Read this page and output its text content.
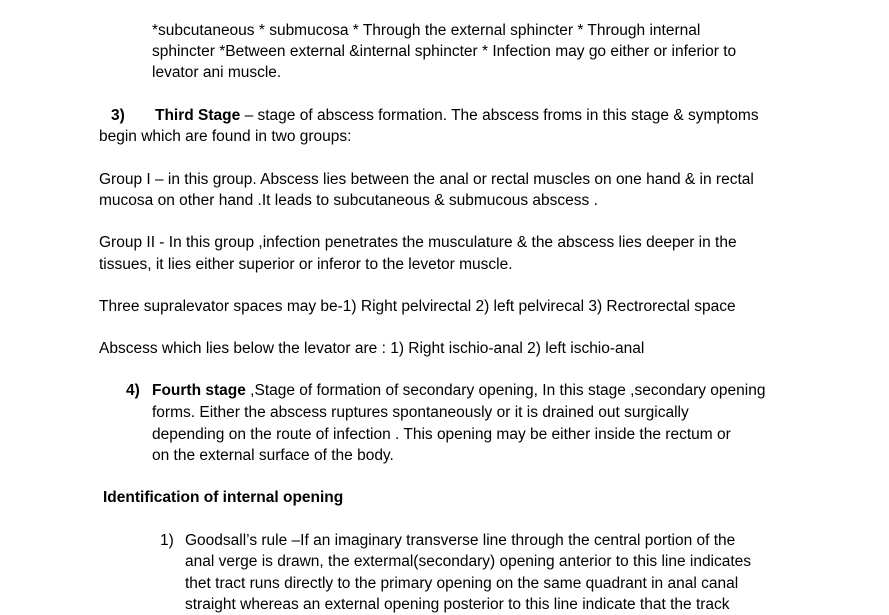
*subcutaneous * submucosa * Through the external sphincter * Through internal
sphincter *Between external &internal sphincter * Infection may go either or inferior to
levator ani muscle.
3) Third Stage – stage of abscess formation. The abscess froms in this stage & symptoms
begin which are found in two groups:
Group I – in this group. Abscess lies between the anal or rectal muscles on one hand & in rectal
mucosa on other hand .It leads to subcutaneous & submucous abscess .
Group II - In this group ,infection penetrates the musculature & the abscess lies deeper in the
tissues, it lies either superior or inferor to the levetor muscle.
Three supralevator spaces may be-1) Right pelvirectal 2) left pelvirecal 3) Rectrorectal space
Abscess which lies below the levator are : 1) Right ischio-anal 2) left ischio-anal
4) Fourth stage ,Stage of formation of secondary opening, In this stage ,secondary opening
forms. Either the abscess ruptures spontaneously or it is drained out surgically
depending on the route of infection . This opening may be either inside the rectum or
on the external surface of the body.
Identification of internal opening
1) Goodsall’s rule –If an imaginary transverse line through the central portion of the
anal verge is drawn, the extermal(secondary) opening anterior to this line indicates
thet tract runs directly to the primary opening on the same quadrant in anal canal
straight whereas an external opening posterior to this line indicate that the track
